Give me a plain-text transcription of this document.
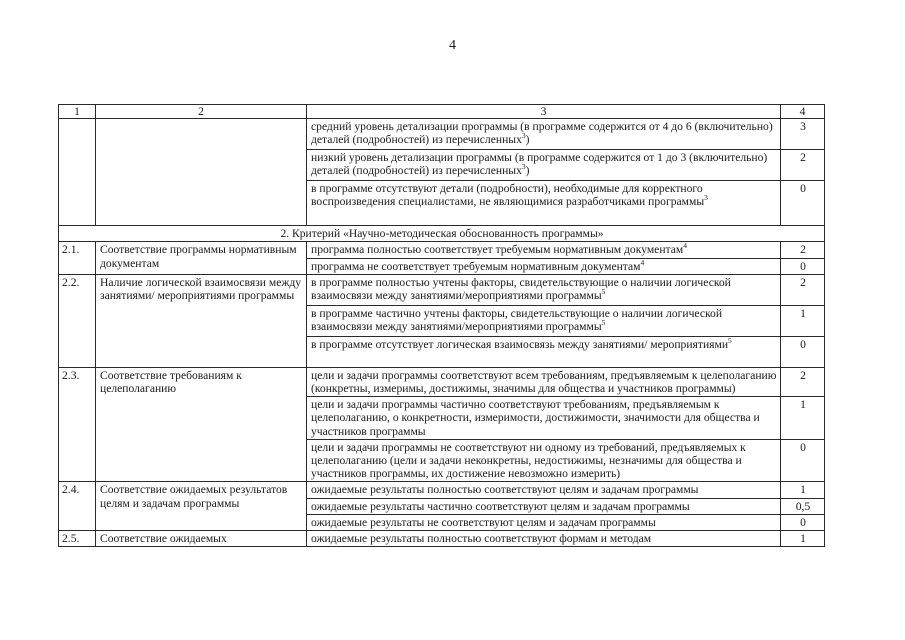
4
1	2	3	4
		средний уровень детализации программы (в программе содержится от 4 до 6 (включительно) деталей (подробностей) из перечисленных$^3$)	3
		низкий уровень детализации программы (в программе содержится от 1 до 3 (включительно) деталей (подробностей) из перечисленных$^3$)	2
		в программе отсутствуют детали (подробности), необходимые для корректного воспроизведения специалистами, не являющимися разработчиками программы$^3$	0
2. Критерий «Научно-методическая обоснованность программы»			
2.1.	Соответствие программы нормативным документам	программа полностью соответствует требуемым нормативным документам$^4$	2
		программа не соответствует требуемым нормативным документам$^4$	0
2.2.	Наличие логической взаимосвязи между занятиями/ мероприятиями программы	в программе полностью учтены факторы, свидетельствующие о наличии логической взаимосвязи между занятиями/мероприятиями программы$^5$	2
		в программе частично учтены факторы, свидетельствующие о наличии логической взаимосвязи между занятиями/мероприятиями программы$^5$	1
		в программе отсутствует логическая взаимосвязь между занятиями/ мероприятиями$^5$	0
2.3.	Соответствие требованиям к целеполаганию	цели и задачи программы соответствуют всем требованиям, предъявляемым к целеполаганию (конкретны, измеримы, достижимы, значимы для общества и участников программы)	2
		цели и задачи программы частично соответствуют требованиям, предъявляемым к целеполаганию, о конкретности, измеримости, достижимости, значимости для общества и участников программы	1
		цели и задачи программы не соответствуют ни одному из требований, предъявляемых к целеполаганию (цели и задачи неконкретны, недостижимы, незначимы для общества и участников программы, их достижение невозможно измерить)	0
2.4.	Соответствие ожидаемых результатов целям и задачам программы	ожидаемые результаты полностью соответствуют целям и задачам программы	1
		ожидаемые результаты частично соответствуют целям и задачам программы	0,5
		ожидаемые результаты не соответствуют целям и задачам программы	0
2.5.	Соответствие ожидаемых	ожидаемые результаты полностью соответствуют формам и методам	1
